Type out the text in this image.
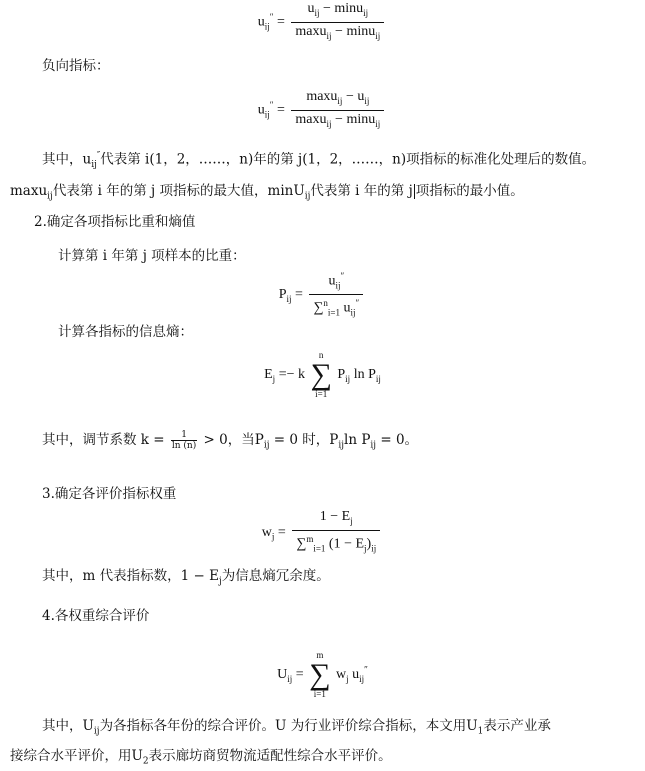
$u_{ij}'' = \frac{u_{ij} - \min u_{ij}}{\max u_{ij} - \min u_{ij}}$
负向指标：
$u_{ij}'' = \frac{\max u_{ij} - u_{ij}}{\max u_{ij} - \min u_{ij}}$
其中，$u_{ij}''$代表第 i(1，2，……，n)年的第 j(1，2，……，n)项指标的标准化处理后的数值。
maxu$_{ij}$代表第 i 年的第 j 项指标的最大值，minU$_{ij}$代表第 i 年的第 j 项指标的最小值。
2.确定各项指标比重和熵值
计算第 i 年第 j 项样本的比重：
$P_{ij} = \frac{u_{ij}''}{\sum^n_{i=1} u_{ij}''}$
计算各指标的信息熵：
$E_j =- k$
n
∑
i=1
$P_{ij}$ $\ln P_{ij}$
其中，调节系数 $k = \frac{1}{\ln (n)} > 0$，当$P_{ij} = 0$ 时，$P_{ij}\ln$ $P_{ij} = 0$。
3.确定各评价指标权重
$w_j = \frac{1 - E_j}{\sum^m_{i=1} (1 - E_j)_{ij}}$
其中，m 代表指标数，$1 - E_j$为信息熵冗余度。
4.各权重综合评价
$U_{ij}$ =
m
∑
i=1
$w_j$ $u_{ij}''$
其中，$U_{ij}$为各指标各年份的综合评价。U 为行业评价综合指标，本文用$U_1$表示产业承
接综合水平评价，用$U_2$表示廊坊商贸物流适配性综合水平评价。
